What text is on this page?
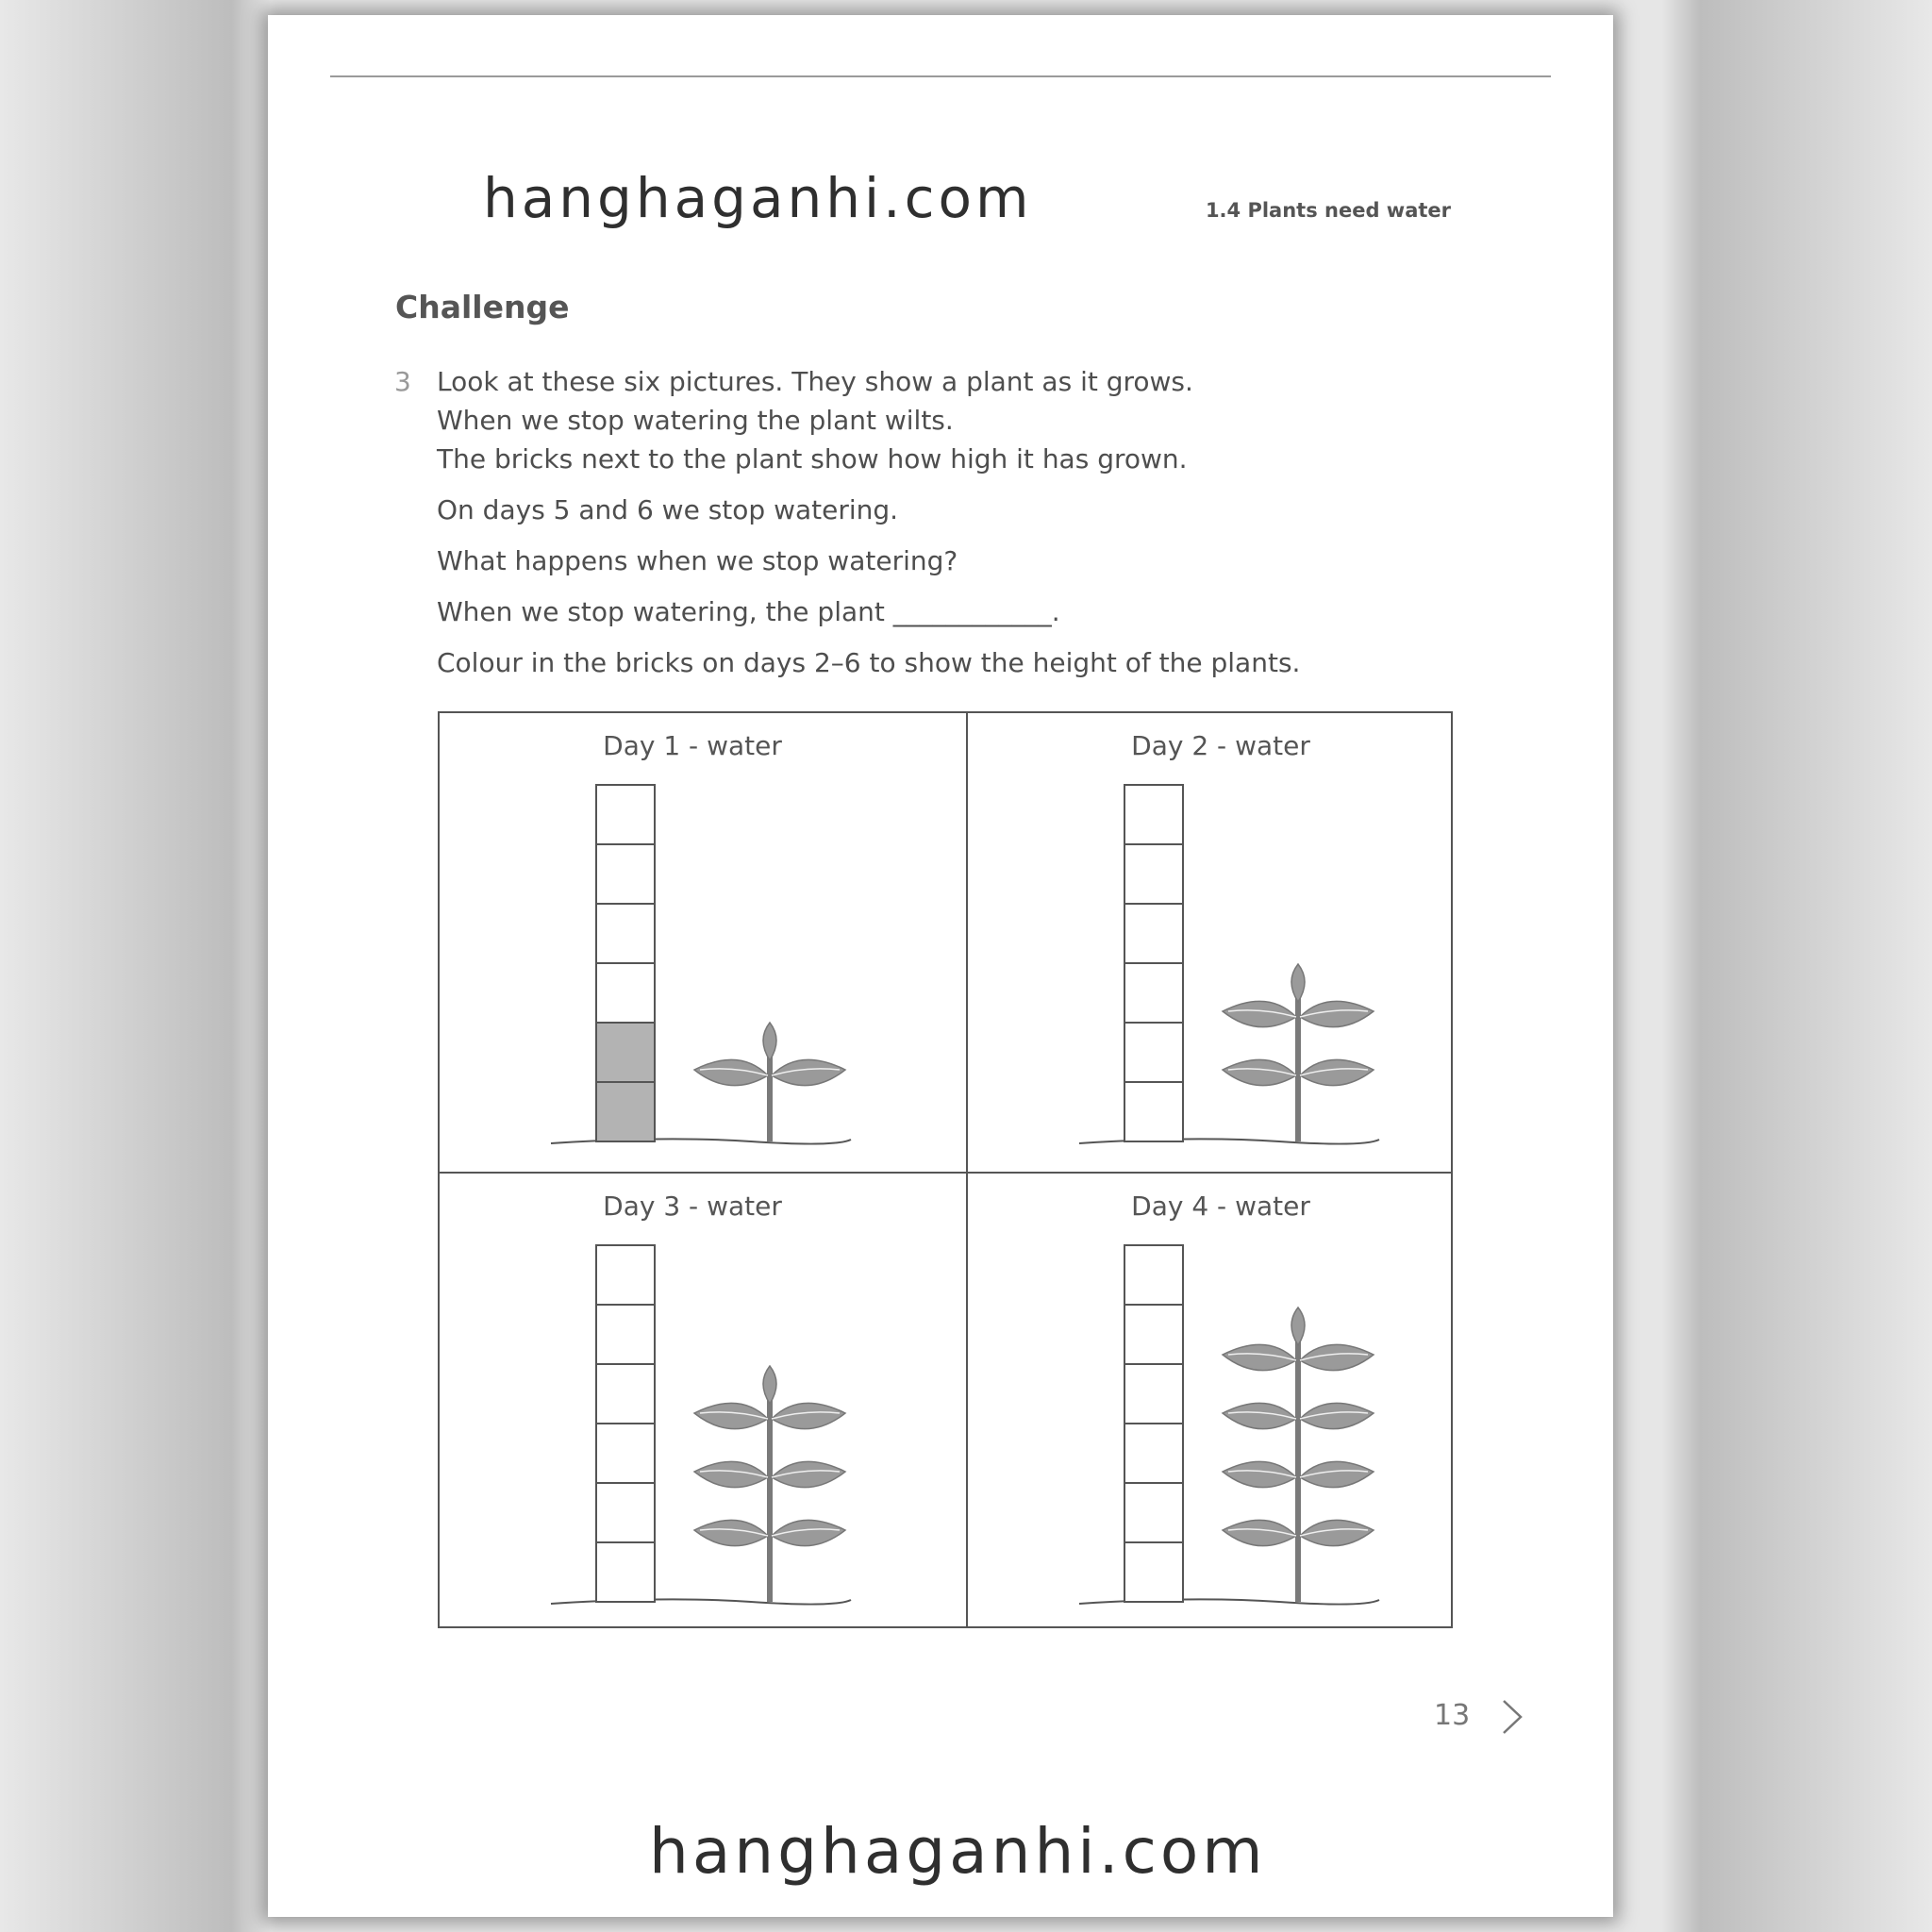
hanghaganhi.com	1.4 Plants need water
Challenge
3 Look at these six pictures. They show a plant as it grows.
When we stop watering the plant wilts.
The bricks next to the plant show how high it has grown.
On days 5 and 6 we stop watering.
What happens when we stop watering?
When we stop watering, the plant ____________.
Colour in the bricks on days 2–6 to show the height of the plants.
Day 1 - water	Day 2 - water
Day 3 - water	Day 4 - water
13
hanghaganhi.com
